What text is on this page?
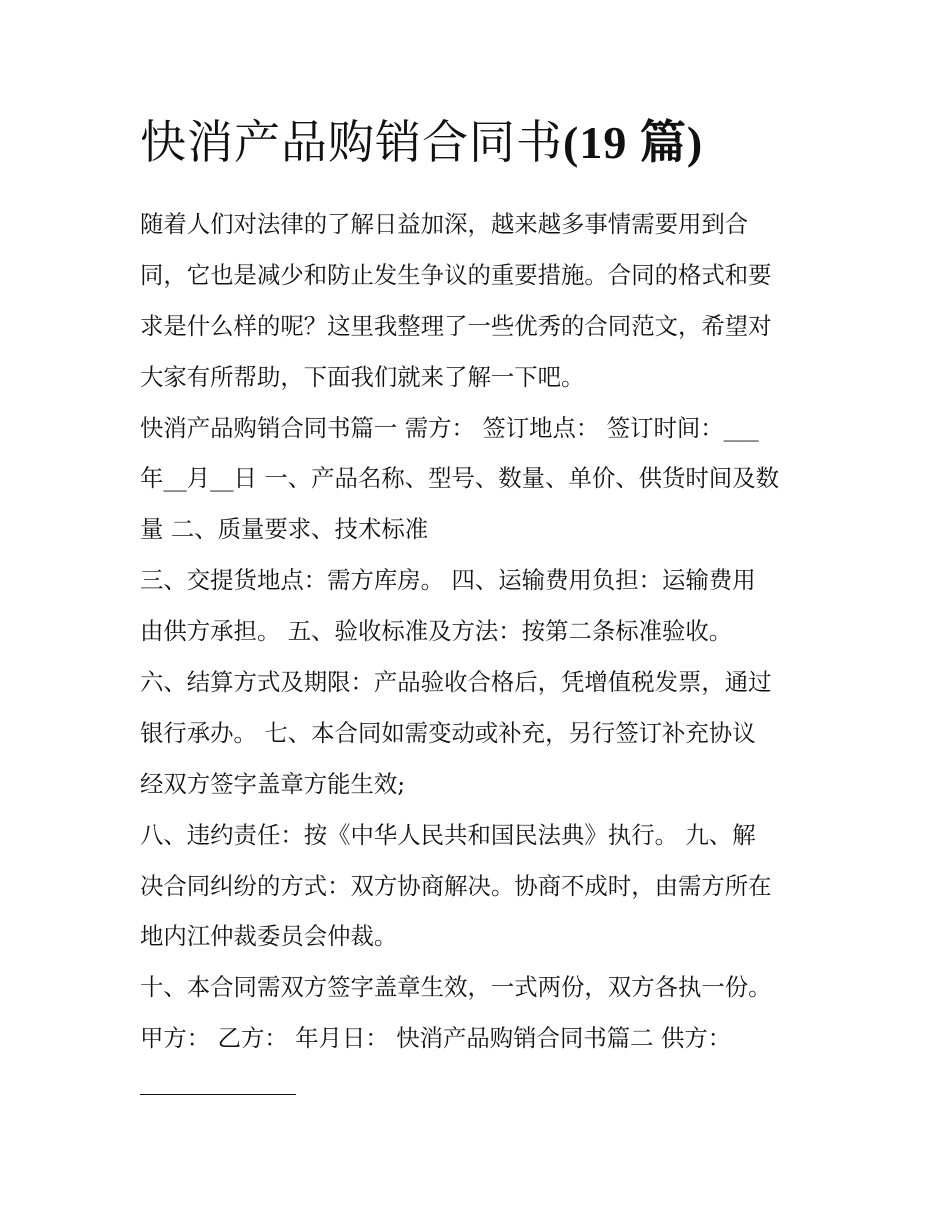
快消产品购销合同书(19 篇)
随着人们对法律的了解日益加深，越来越多事情需要用到合
同，它也是减少和防止发生争议的重要措施。合同的格式和要
求是什么样的呢？这里我整理了一些优秀的合同范文，希望对
大家有所帮助，下面我们就来了解一下吧。
快消产品购销合同书篇一 需方： 签订地点： 签订时间：___
年__月__日 一、产品名称、型号、数量、单价、供货时间及数
量 二、质量要求、技术标准
三、交提货地点：需方库房。 四、运输费用负担：运输费用
由供方承担。 五、验收标准及方法：按第二条标准验收。
六、结算方式及期限：产品验收合格后，凭增值税发票，通过
银行承办。 七、本合同如需变动或补充，另行签订补充协议
经双方签字盖章方能生效;
八、违约责任：按《中华人民共和国民法典》执行。 九、解
决合同纠纷的方式：双方协商解决。协商不成时，由需方所在
地内江仲裁委员会仲裁。
十、本合同需双方签字盖章生效，一式两份，双方各执一份。
甲方： 乙方： 年月日： 快消产品购销合同书篇二 供方：
